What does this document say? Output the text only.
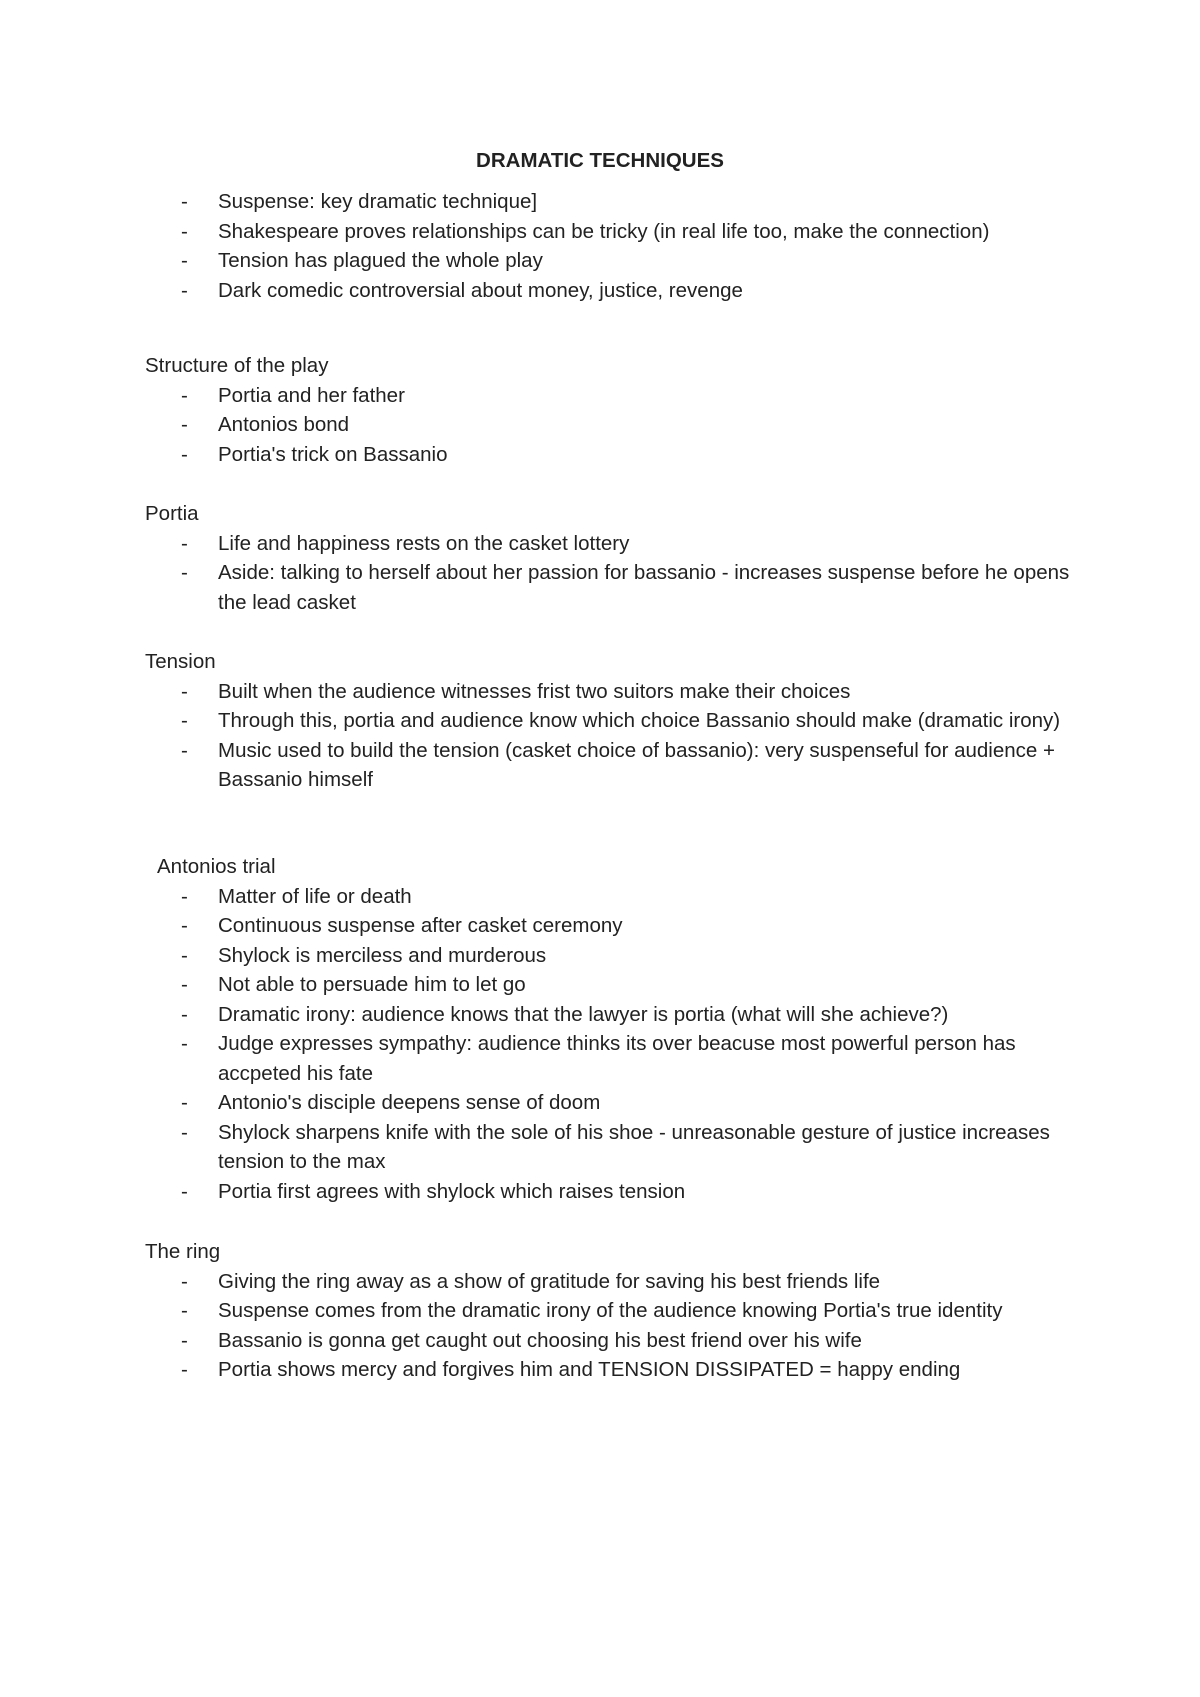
DRAMATIC TECHNIQUES
- Suspense: key dramatic technique]
- Shakespeare proves relationships can be tricky (in real life too, make the connection)
- Tension has plagued the whole play
- Dark comedic controversial about money, justice, revenge
Structure of the play
- Portia and her father
- Antonios bond
- Portia's trick on Bassanio
Portia
- Life and happiness rests on the casket lottery
- Aside: talking to herself about her passion for bassanio - increases suspense before he opens the lead casket
Tension
- Built when the audience witnesses frist two suitors make their choices
- Through this, portia and audience know which choice Bassanio should make (dramatic irony)
- Music used to build the tension (casket choice of bassanio): very suspenseful for audience + Bassanio himself
Antonios trial
- Matter of life or death
- Continuous suspense after casket ceremony
- Shylock is merciless and murderous
- Not able to persuade him to let go
- Dramatic irony: audience knows that the lawyer is portia (what will she achieve?)
- Judge expresses sympathy: audience thinks its over beacuse most powerful person has accpeted his fate
- Antonio's disciple deepens sense of doom
- Shylock sharpens knife with the sole of his shoe - unreasonable gesture of justice increases tension to the max
- Portia first agrees with shylock which raises tension
The ring
- Giving the ring away as a show of gratitude for saving his best friends life
- Suspense comes from the dramatic irony of the audience knowing Portia's true identity
- Bassanio is gonna get caught out choosing his best friend over his wife
- Portia shows mercy and forgives him and TENSION DISSIPATED = happy ending
